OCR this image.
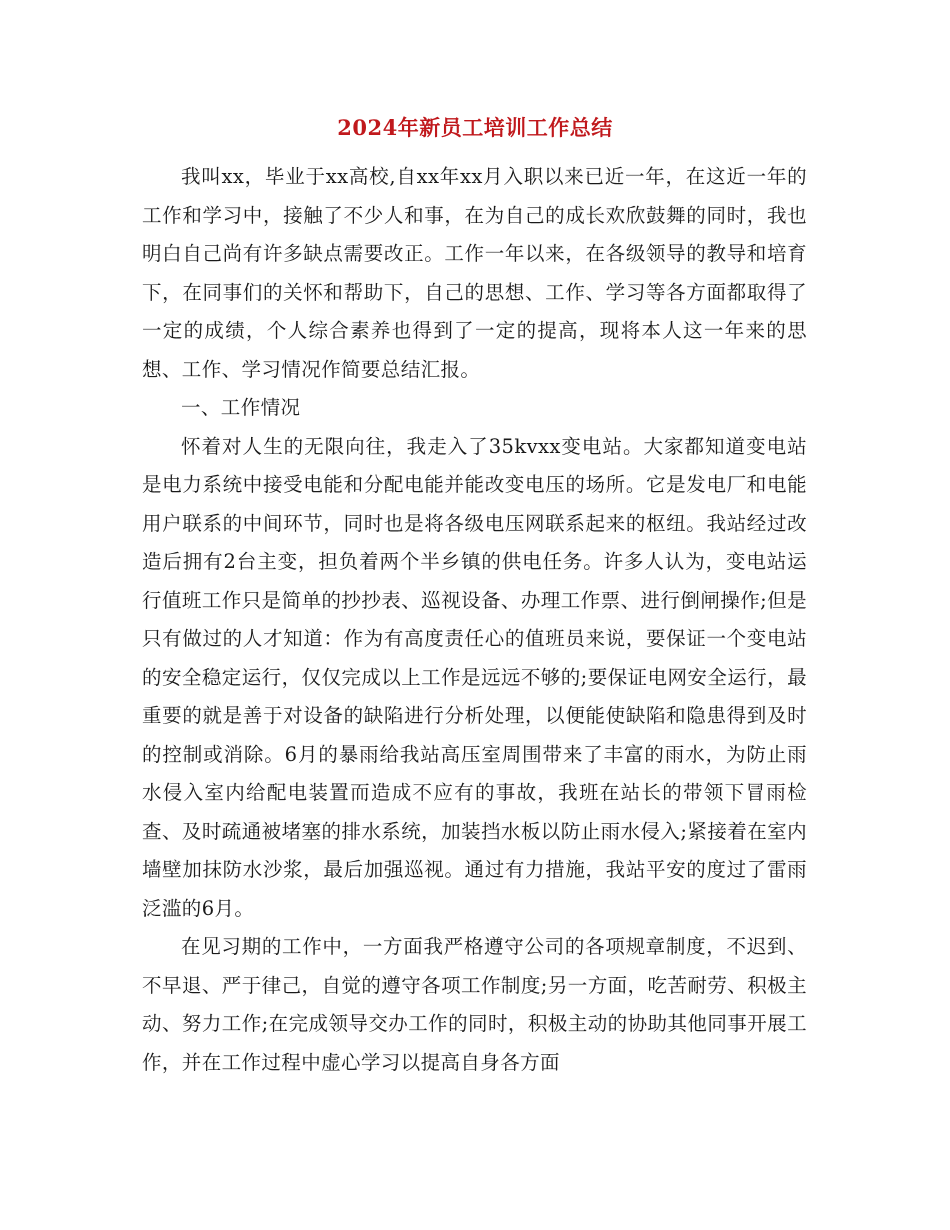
2024年新员工培训工作总结

我叫xx，毕业于xx高校,自xx年xx月入职以来已近一年，在这近一年的工作和学习中，接触了不少人和事，在为自己的成长欢欣鼓舞的同时，我也明白自己尚有许多缺点需要改正。工作一年以来，在各级领导的教导和培育下，在同事们的关怀和帮助下，自己的思想、工作、学习等各方面都取得了一定的成绩，个人综合素养也得到了一定的提高，现将本人这一年来的思想、工作、学习情况作简要总结汇报。

一、工作情况

怀着对人生的无限向往，我走入了35kvxx变电站。大家都知道变电站是电力系统中接受电能和分配电能并能改变电压的场所。它是发电厂和电能用户联系的中间环节，同时也是将各级电压网联系起来的枢纽。我站经过改造后拥有2台主变，担负着两个半乡镇的供电任务。许多人认为，变电站运行值班工作只是简单的抄抄表、巡视设备、办理工作票、进行倒闸操作;但是只有做过的人才知道：作为有高度责任心的值班员来说，要保证一个变电站的安全稳定运行，仅仅完成以上工作是远远不够的;要保证电网安全运行，最重要的就是善于对设备的缺陷进行分析处理，以便能使缺陷和隐患得到及时的控制或消除。6月的暴雨给我站高压室周围带来了丰富的雨水，为防止雨水侵入室内给配电装置而造成不应有的事故，我班在站长的带领下冒雨检查、及时疏通被堵塞的排水系统，加装挡水板以防止雨水侵入;紧接着在室内墙壁加抹防水沙浆，最后加强巡视。通过有力措施，我站平安的度过了雷雨泛滥的6月。

在见习期的工作中，一方面我严格遵守公司的各项规章制度，不迟到、不早退、严于律己，自觉的遵守各项工作制度;另一方面，吃苦耐劳、积极主动、努力工作;在完成领导交办工作的同时，积极主动的协助其他同事开展工作，并在工作过程中虚心学习以提高自身各方面
